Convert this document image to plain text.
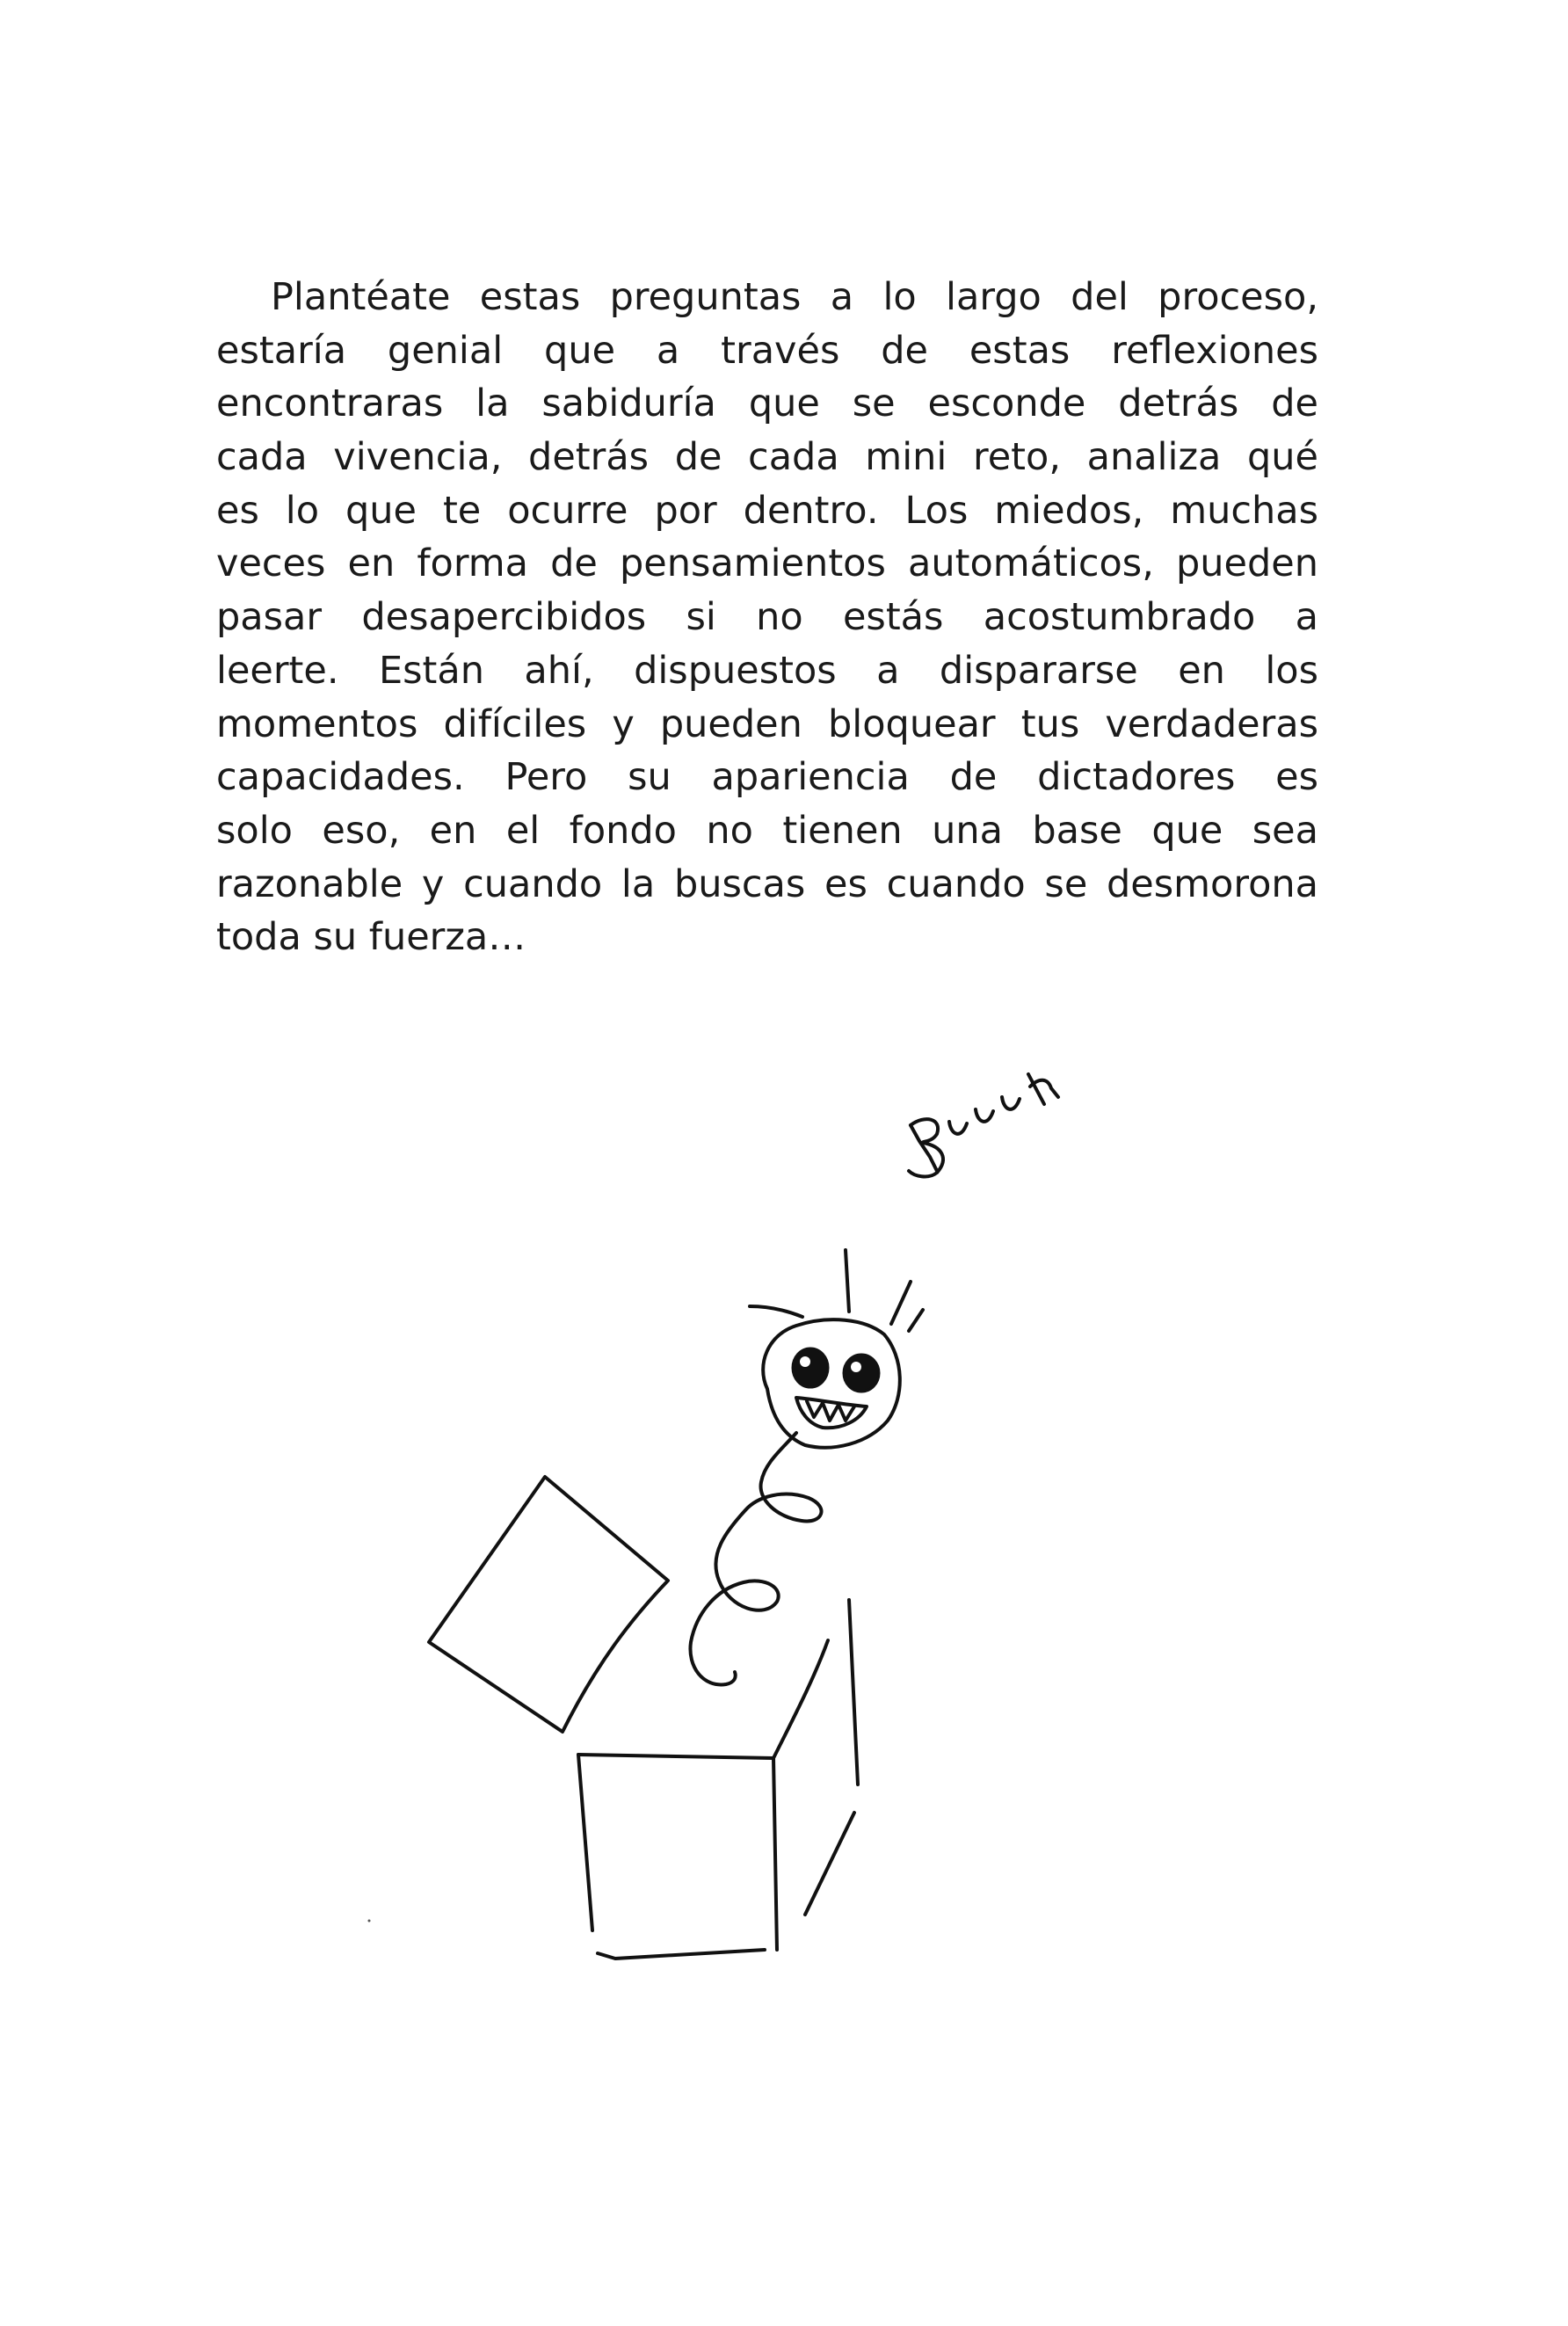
Plantéate estas preguntas a lo largo del proceso,
estaría genial que a través de estas reflexiones
encontraras la sabiduría que se esconde detrás de
cada vivencia, detrás de cada mini reto, analiza qué
es lo que te ocurre por dentro. Los miedos, muchas
veces en forma de pensamientos automáticos, pueden
pasar desapercibidos si no estás acostumbrado a
leerte. Están ahí, dispuestos a dispararse en los
momentos difíciles y pueden bloquear tus verdaderas
capacidades. Pero su apariencia de dictadores es
solo eso, en el fondo no tienen una base que sea
razonable y cuando la buscas es cuando se desmorona
toda su fuerza…
